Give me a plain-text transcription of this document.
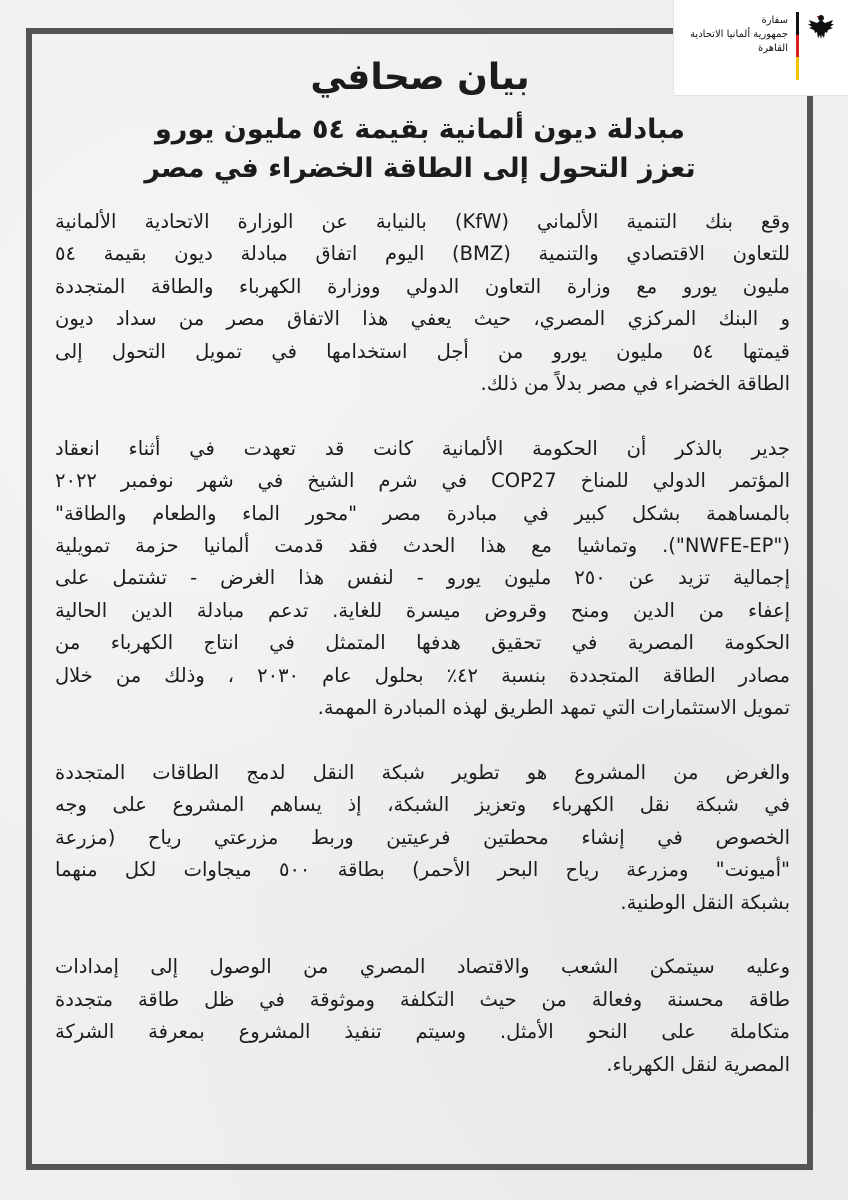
سفارة
جمهورية ألمانيا الاتحادية
القاهرة
بيان صحافي
مبادلة ديون ألمانية بقيمة ٥٤ مليون يورو
تعزز التحول إلى الطاقة الخضراء في مصر
وقع بنك التنمية الألماني (KfW) بالنيابة عن الوزارة الاتحادية الألمانية
للتعاون الاقتصادي والتنمية (BMZ) اليوم اتفاق مبادلة ديون بقيمة ٥٤
مليون يورو مع وزارة التعاون الدولي ووزارة الكهرباء والطاقة المتجددة
و البنك المركزي المصري، حيث يعفي هذا الاتفاق مصر من سداد ديون
قيمتها ٥٤ مليون يورو من أجل استخدامها في تمويل التحول إلى
الطاقة الخضراء في مصر بدلاً من ذلك.
جدير بالذكر أن الحكومة الألمانية كانت قد تعهدت في أثناء انعقاد
المؤتمر الدولي للمناخ COP27 في شرم الشيخ في شهر نوفمبر ٢٠٢٢
بالمساهمة بشكل كبير في مبادرة مصر "محور الماء والطعام والطاقة"
("NWFE-EP"). وتماشيا مع هذا الحدث فقد قدمت ألمانيا حزمة تمويلية
إجمالية تزيد عن ٢٥٠ مليون يورو - لنفس هذا الغرض - تشتمل على
إعفاء من الدين ومنح وقروض ميسرة للغاية. تدعم مبادلة الدين الحالية
الحكومة المصرية في تحقيق هدفها المتمثل في انتاج الكهرباء من
مصادر الطاقة المتجددة بنسبة ٤٢٪ بحلول عام ٢٠٣٠ ، وذلك من خلال
تمويل الاستثمارات التي تمهد الطريق لهذه المبادرة المهمة.
والغرض من المشروع هو تطوير شبكة النقل لدمج الطاقات المتجددة
في شبكة نقل الكهرباء وتعزيز الشبكة، إذ يساهم المشروع على وجه
الخصوص في إنشاء محطتين فرعيتين وربط مزرعتي رياح (مزرعة
"أميونت" ومزرعة رياح البحر الأحمر) بطاقة ٥٠٠ ميجاوات لكل منهما
بشبكة النقل الوطنية.
وعليه سيتمكن الشعب والاقتصاد المصري من الوصول إلى إمدادات
طاقة محسنة وفعالة من حيث التكلفة وموثوقة في ظل طاقة متجددة
متكاملة على النحو الأمثل. وسيتم تنفيذ المشروع بمعرفة الشركة
المصرية لنقل الكهرباء.
